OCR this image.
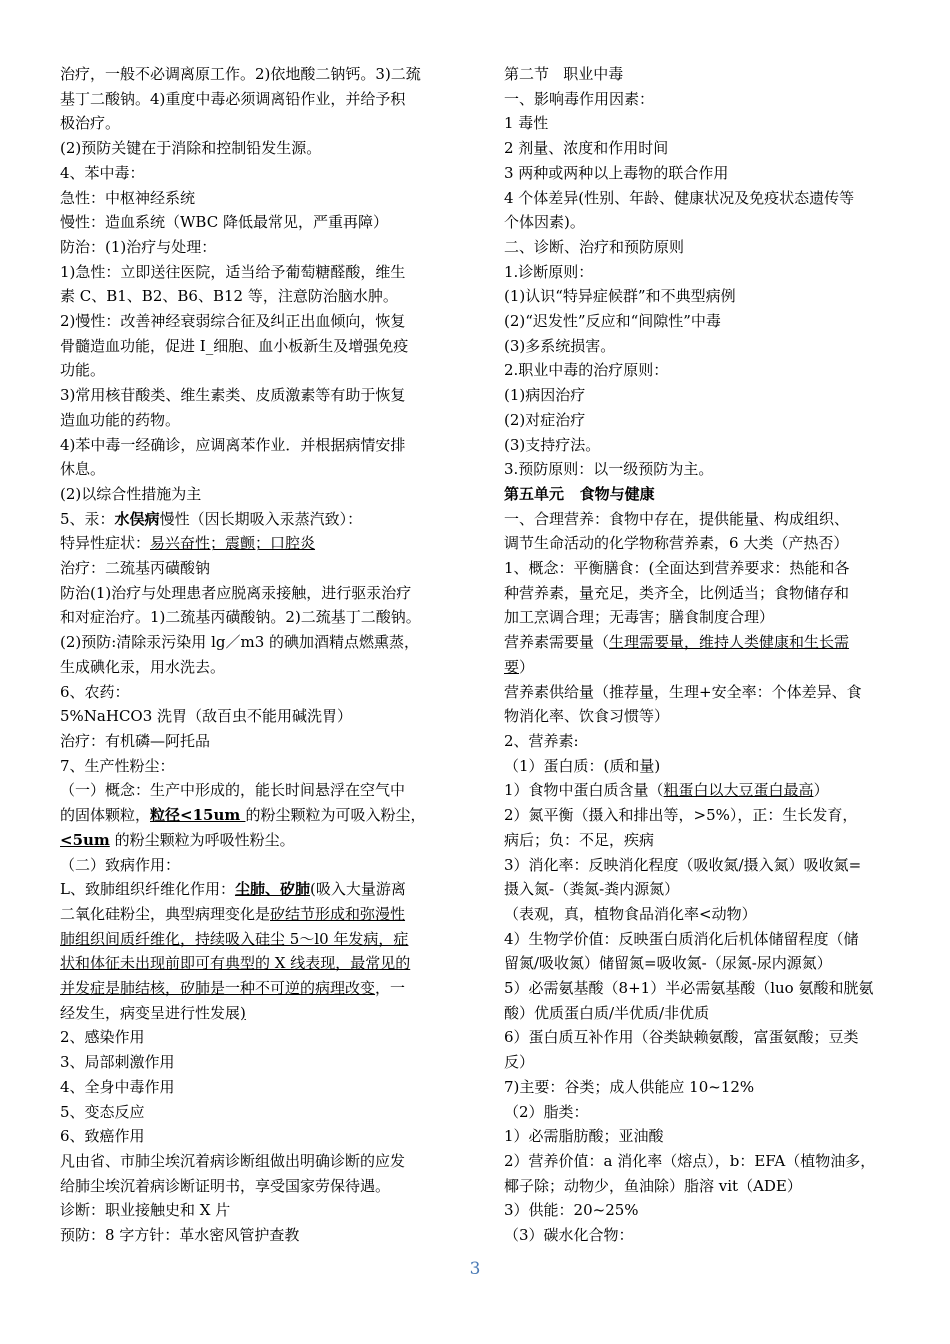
治疗，一般不必调离原工作。2)依地酸二钠钙。3)二巯
基丁二酸钠。4)重度中毒必须调离铅作业，并给予积
极治疗。
(2)预防关键在于消除和控制铅发生源。
4、苯中毒：
急性：中枢神经系统
慢性：造血系统（WBC 降低最常见，严重再障）
防治：(1)治疗与处理：
1)急性：立即送往医院，适当给予葡萄糖醛酸，维生
素 C、B1、B2、B6、B12 等，注意防治脑水肿。
2)慢性：改善神经衰弱综合征及纠正出血倾向，恢复
骨髓造血功能，促进 I_细胞、血小板新生及增强免疫
功能。
3)常用核苷酸类、维生素类、皮质激素等有助于恢复
造血功能的药物。
4)苯中毒一经确诊，应调离苯作业．并根据病情安排
休息。
(2)以综合性措施为主
5、汞：水俣病慢性（因长期吸入汞蒸汽致）：
特异性症状：易兴奋性；震颤；口腔炎
治疗：二巯基丙磺酸钠
防治(1)治疗与处理患者应脱离汞接触，进行驱汞治疗
和对症治疗。1)二巯基丙磺酸钠。2)二巯基丁二酸钠。
(2)预防:清除汞污染用 lg／m3 的碘加酒精点燃熏蒸，
生成碘化汞，用水洗去。
6、农药：
5%NaHCO3 洗胃（敌百虫不能用碱洗胃）
治疗：有机磷—阿托品
7、生产性粉尘：
（一）概念：生产中形成的，能长时间悬浮在空气中
的固体颗粒，粒径<15um 的粉尘颗粒为可吸入粉尘，
<5um 的粉尘颗粒为呼吸性粉尘。
（二）致病作用：
L、致肺组织纤维化作用：尘肺、矽肺(吸入大量游离
二氧化硅粉尘，典型病理变化是矽结节形成和弥漫性
肺组织间质纤维化，持续吸入硅尘 5～l0 年发病，症
状和体征未出现前即可有典型的 X 线表现，最常见的
并发症是肺结核，矽肺是一种不可逆的病理改变，一
经发生，病变呈进行性发展)
2、感染作用
3、局部刺激作用
4、全身中毒作用
5、变态反应
6、致癌作用
凡由省、市肺尘埃沉着病诊断组做出明确诊断的应发
给肺尘埃沉着病诊断证明书，享受国家劳保待遇。
诊断：职业接触史和 X 片
预防：8 字方针：革水密风管护查教
第二节   职业中毒
一、影响毒作用因素：
1 毒性
2 剂量、浓度和作用时间
3 两种或两种以上毒物的联合作用
4 个体差异(性别、年龄、健康状况及免疫状态遗传等
个体因素)。
二、诊断、治疗和预防原则
1.诊断原则：
(1)认识“特异症候群”和不典型病例
(2)“迟发性”反应和“间隙性”中毒
(3)多系统损害。
2.职业中毒的治疗原则：
(1)病因治疗
(2)对症治疗
(3)支持疗法。
3.预防原则：以一级预防为主。
第五单元   食物与健康
一、合理营养：食物中存在，提供能量、构成组织、
调节生命活动的化学物称营养素，6 大类（产热否）
1、概念：平衡膳食：(全面达到营养要求：热能和各
种营养素，量充足，类齐全，比例适当；食物储存和
加工烹调合理；无毒害；膳食制度合理）
营养素需要量（生理需要量，维持人类健康和生长需
要）
营养素供给量（推荐量，生理+安全率：个体差异、食
物消化率、饮食习惯等）
2、营养素:
（1）蛋白质：(质和量)
1）食物中蛋白质含量（粗蛋白以大豆蛋白最高）
2）氮平衡（摄入和排出等，>5%），正：生长发育，
病后；负：不足，疾病
3）消化率：反映消化程度（吸收氮/摄入氮）吸收氮=
摄入氮-（粪氮-粪内源氮）
（表观，真，植物食品消化率<动物）
4）生物学价值：反映蛋白质消化后机体储留程度（储
留氮/吸收氮）储留氮=吸收氮-（尿氮-尿内源氮）
5）必需氨基酸（8+1）半必需氨基酸（luo 氨酸和胱氨
酸）优质蛋白质/半优质/非优质
6）蛋白质互补作用（谷类缺赖氨酸，富蛋氨酸；豆类
反）
7)主要：谷类；成人供能应 10~12%
（2）脂类：
1）必需脂肪酸；亚油酸
2）营养价值：a 消化率（熔点），b：EFA（植物油多，
椰子除；动物少，鱼油除）脂溶 vit（ADE）
3）供能：20~25%
（3）碳水化合物：
3
